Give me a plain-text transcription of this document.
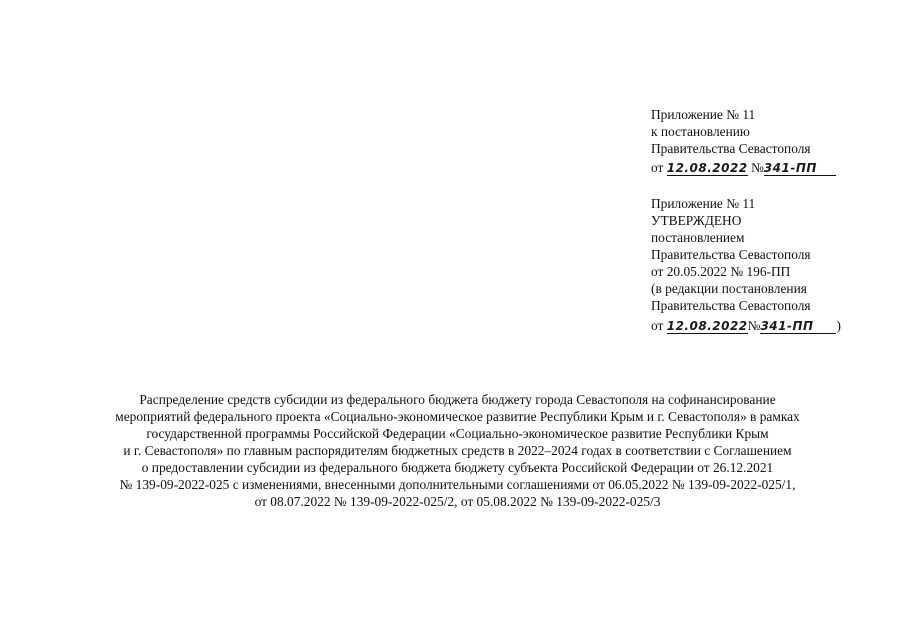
Приложение № 11
к постановлению
Правительства Севастополя
от 12.08.2022 №341-ПП
Приложение № 11
УТВЕРЖДЕНО
постановлением
Правительства Севастополя
от 20.05.2022 № 196-ПП
(в редакции постановления
Правительства Севастополя
от 12.08.2022№341-ПП )
Распределение средств субсидии из федерального бюджета бюджету города Севастополя на софинансирование
мероприятий федерального проекта «Социально-экономическое развитие Республики Крым и г. Севастополя» в рамках
государственной программы Российской Федерации «Социально-экономическое развитие Республики Крым
и г. Севастополя» по главным распорядителям бюджетных средств в 2022–2024 годах в соответствии с Соглашением
о предоставлении субсидии из федерального бюджета бюджету субъекта Российской Федерации от 26.12.2021
№ 139-09-2022-025 с изменениями, внесенными дополнительными соглашениями от 06.05.2022 № 139-09-2022-025/1,
от 08.07.2022 № 139-09-2022-025/2, от 05.08.2022 № 139-09-2022-025/3
